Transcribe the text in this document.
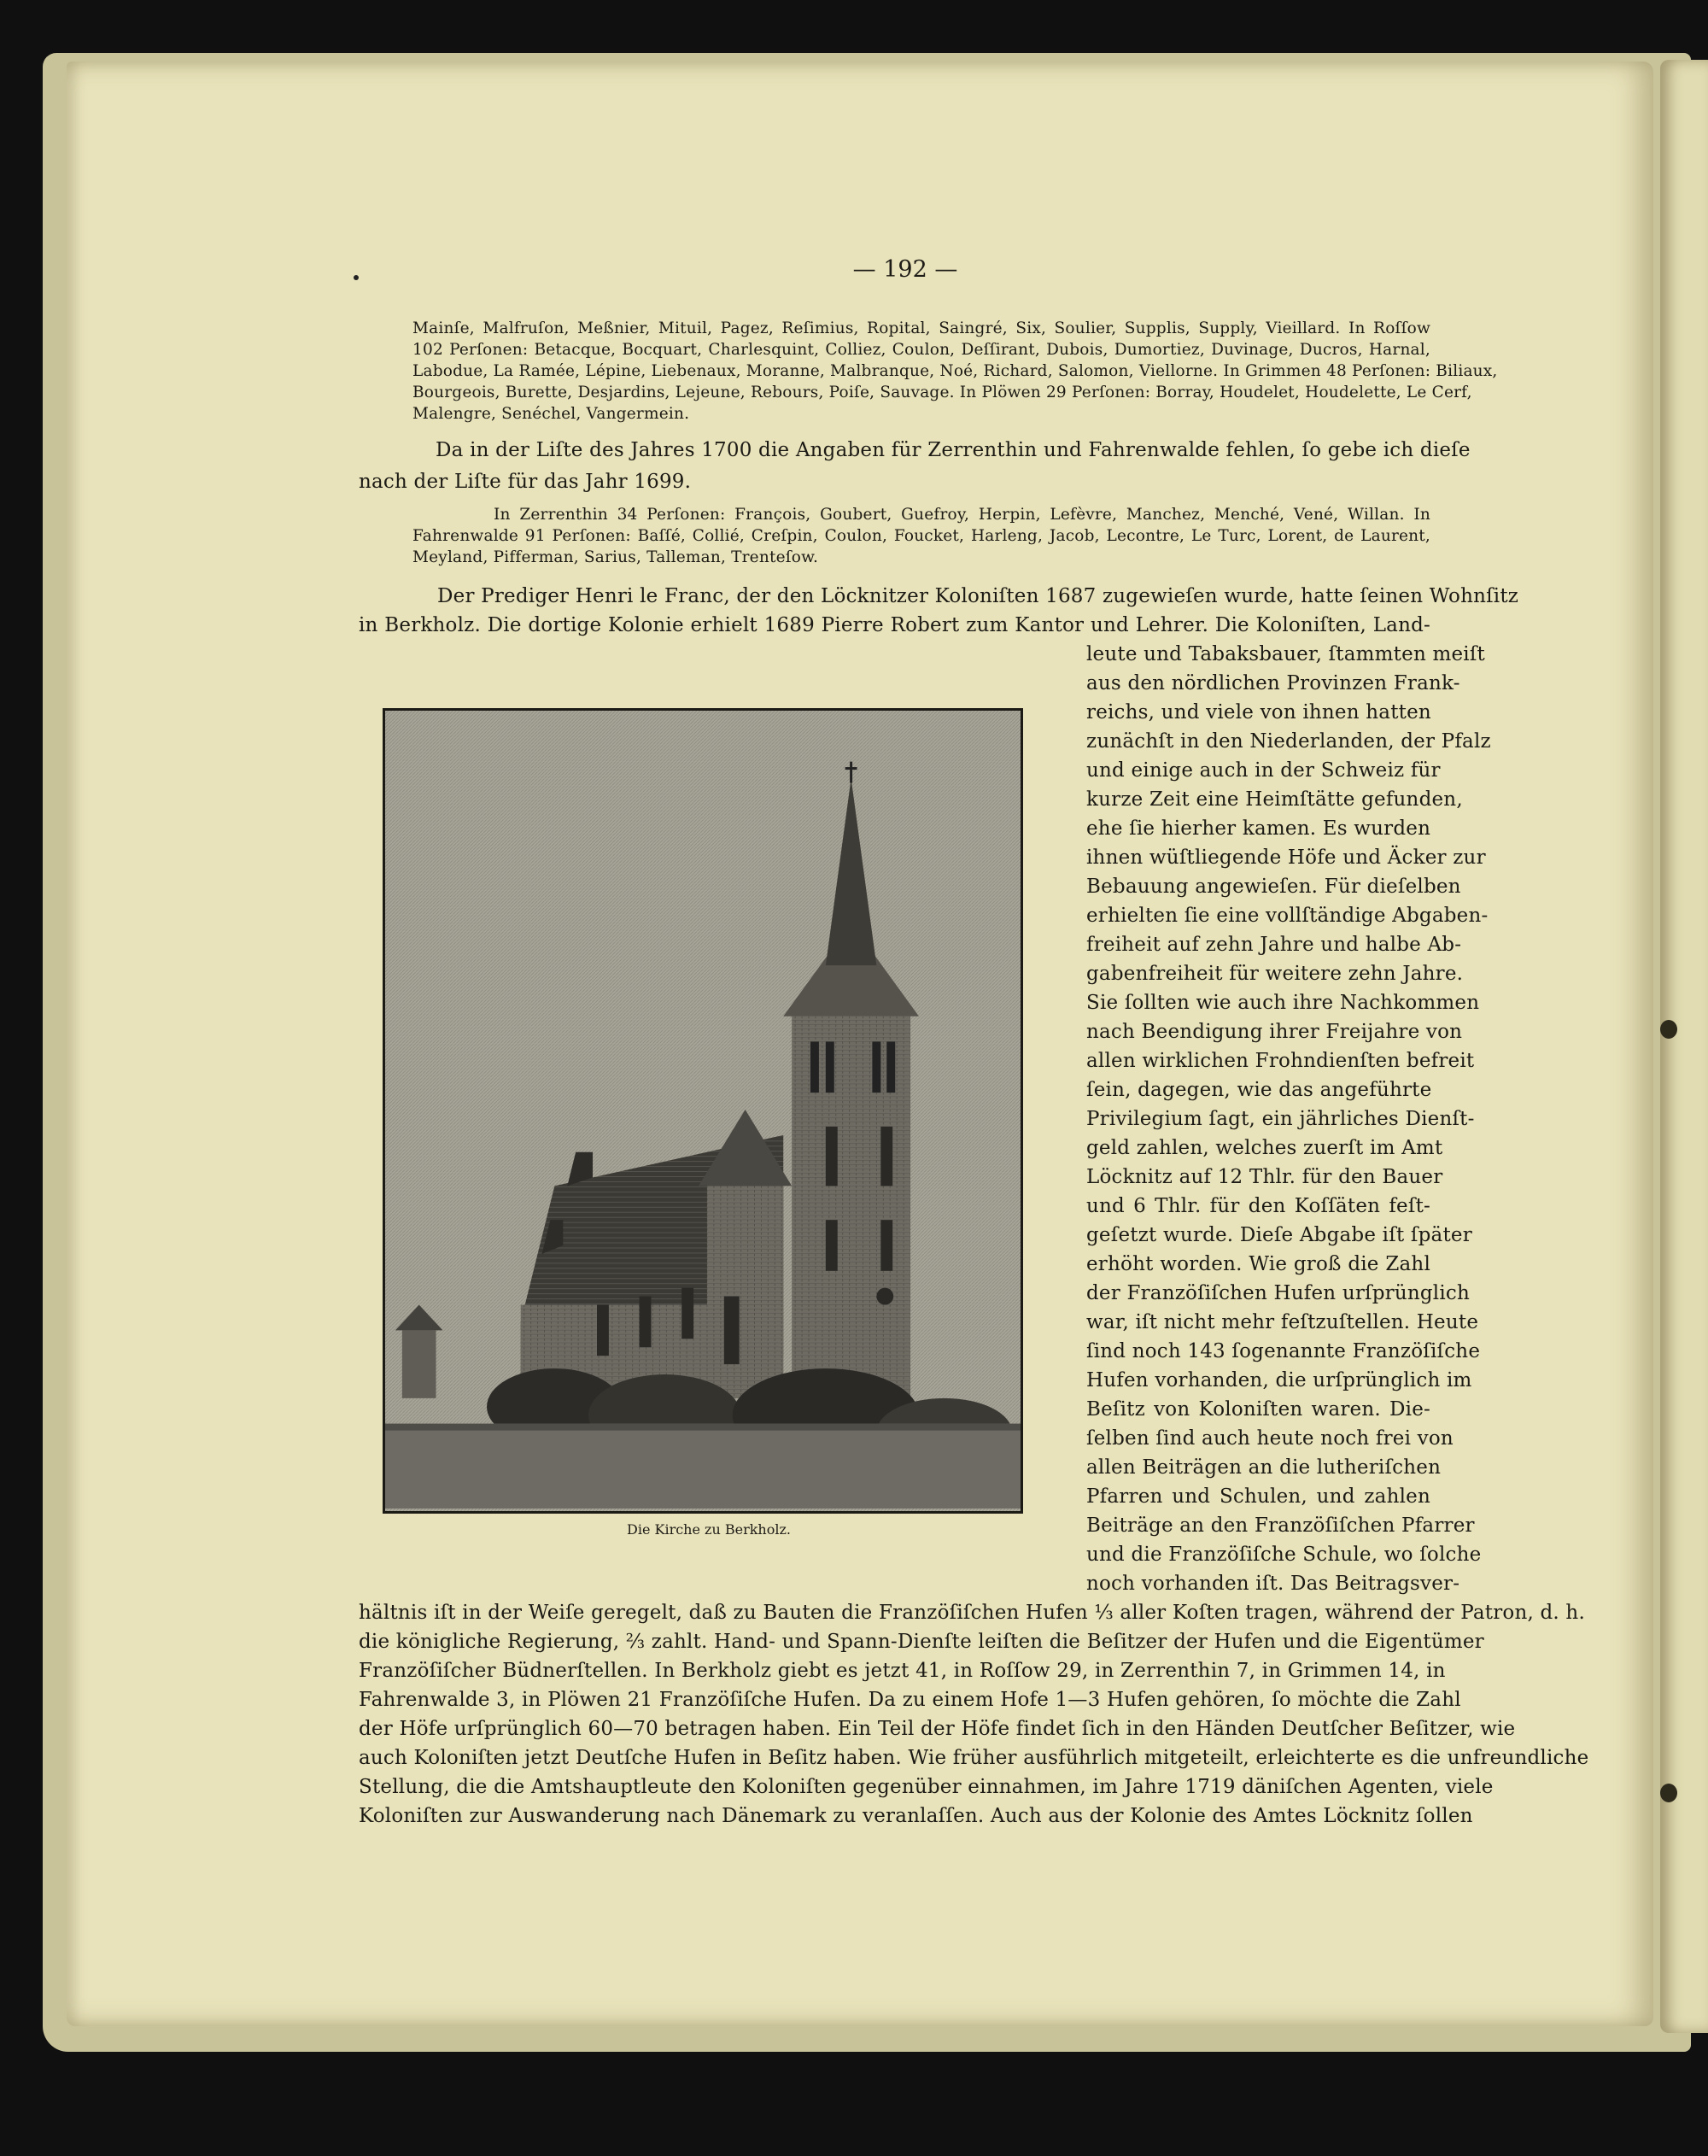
— 192 —
Mainſe, Malfruſon, Meßnier, Mituil, Pagez, Reſimius, Ropital, Saingré, Six, Soulier, Supplis, Supply, Vieillard. In Roſſow
102 Perſonen: Betacque, Bocquart, Charlesquint, Colliez, Coulon, Deſſirant, Dubois, Dumortiez, Duvinage, Ducros, Harnal,
Labodue, La Ramée, Lépine, Liebenaux, Moranne, Malbranque, Noé, Richard, Salomon, Viellorne. In Grimmen 48 Perſonen: Biliaux,
Bourgeois, Burette, Desjardins, Lejeune, Rebours, Poiſe, Sauvage. In Plöwen 29 Perſonen: Borray, Houdelet, Houdelette, Le Cerf,
Malengre, Senéchel, Vangermein.
Da in der Liſte des Jahres 1700 die Angaben für Zerrenthin und Fahrenwalde fehlen, ſo gebe ich dieſe
nach der Liſte für das Jahr 1699.
In Zerrenthin 34 Perſonen: François, Goubert, Guefroy, Herpin, Lefèvre, Manchez, Menché, Vené, Willan. In
Fahrenwalde 91 Perſonen: Baſſé, Collié, Creſpin, Coulon, Foucket, Harleng, Jacob, Lecontre, Le Turc, Lorent, de Laurent,
Meyland, Pifferman, Sarius, Talleman, Trenteſow.
Der Prediger Henri le Franc, der den Löcknitzer Koloniſten 1687 zugewieſen wurde, hatte ſeinen Wohnſitz
in Berkholz. Die dortige Kolonie erhielt 1689 Pierre Robert zum Kantor und Lehrer. Die Koloniſten, Land-
leute und Tabaksbauer, ſtammten meiſt
aus den nördlichen Provinzen Frank-
reichs, und viele von ihnen hatten
zunächſt in den Niederlanden, der Pfalz
und einige auch in der Schweiz für
kurze Zeit eine Heimſtätte gefunden,
ehe ſie hierher kamen. Es wurden
ihnen wüſtliegende Höfe und Äcker zur
Bebauung angewieſen. Für dieſelben
erhielten ſie eine vollſtändige Abgaben-
freiheit auf zehn Jahre und halbe Ab-
gabenfreiheit für weitere zehn Jahre.
Sie ſollten wie auch ihre Nachkommen
nach Beendigung ihrer Freijahre von
allen wirklichen Frohndienſten befreit
ſein, dagegen, wie das angeführte
Privilegium ſagt, ein jährliches Dienſt-
geld zahlen, welches zuerſt im Amt
Löcknitz auf 12 Thlr. für den Bauer
und 6 Thlr. für den Koſſäten feſt-
geſetzt wurde. Dieſe Abgabe iſt ſpäter
erhöht worden. Wie groß die Zahl
der Franzöſiſchen Hufen urſprünglich
war, iſt nicht mehr feſtzuſtellen. Heute
ſind noch 143 ſogenannte Franzöſiſche
Hufen vorhanden, die urſprünglich im
Beſitz von Koloniſten waren. Die-
ſelben ſind auch heute noch frei von
allen Beiträgen an die lutheriſchen
Pfarren und Schulen, und zahlen
Beiträge an den Franzöſiſchen Pfarrer
und die Franzöſiſche Schule, wo ſolche
noch vorhanden iſt. Das Beitragsver-
Die Kirche zu Berkholz.
hältnis iſt in der Weiſe geregelt, daß zu Bauten die Franzöſiſchen Hufen ⅓ aller Koſten tragen, während der Patron, d. h.
die königliche Regierung, ⅔ zahlt. Hand- und Spann-Dienſte leiſten die Beſitzer der Hufen und die Eigentümer
Franzöſiſcher Büdnerſtellen. In Berkholz giebt es jetzt 41, in Roſſow 29, in Zerrenthin 7, in Grimmen 14, in
Fahrenwalde 3, in Plöwen 21 Franzöſiſche Hufen. Da zu einem Hofe 1—3 Hufen gehören, ſo möchte die Zahl
der Höfe urſprünglich 60—70 betragen haben. Ein Teil der Höfe findet ſich in den Händen Deutſcher Beſitzer, wie
auch Koloniſten jetzt Deutſche Hufen in Beſitz haben. Wie früher ausführlich mitgeteilt, erleichterte es die unfreundliche
Stellung, die die Amtshauptleute den Koloniſten gegenüber einnahmen, im Jahre 1719 däniſchen Agenten, viele
Koloniſten zur Auswanderung nach Dänemark zu veranlaſſen. Auch aus der Kolonie des Amtes Löcknitz ſollen
